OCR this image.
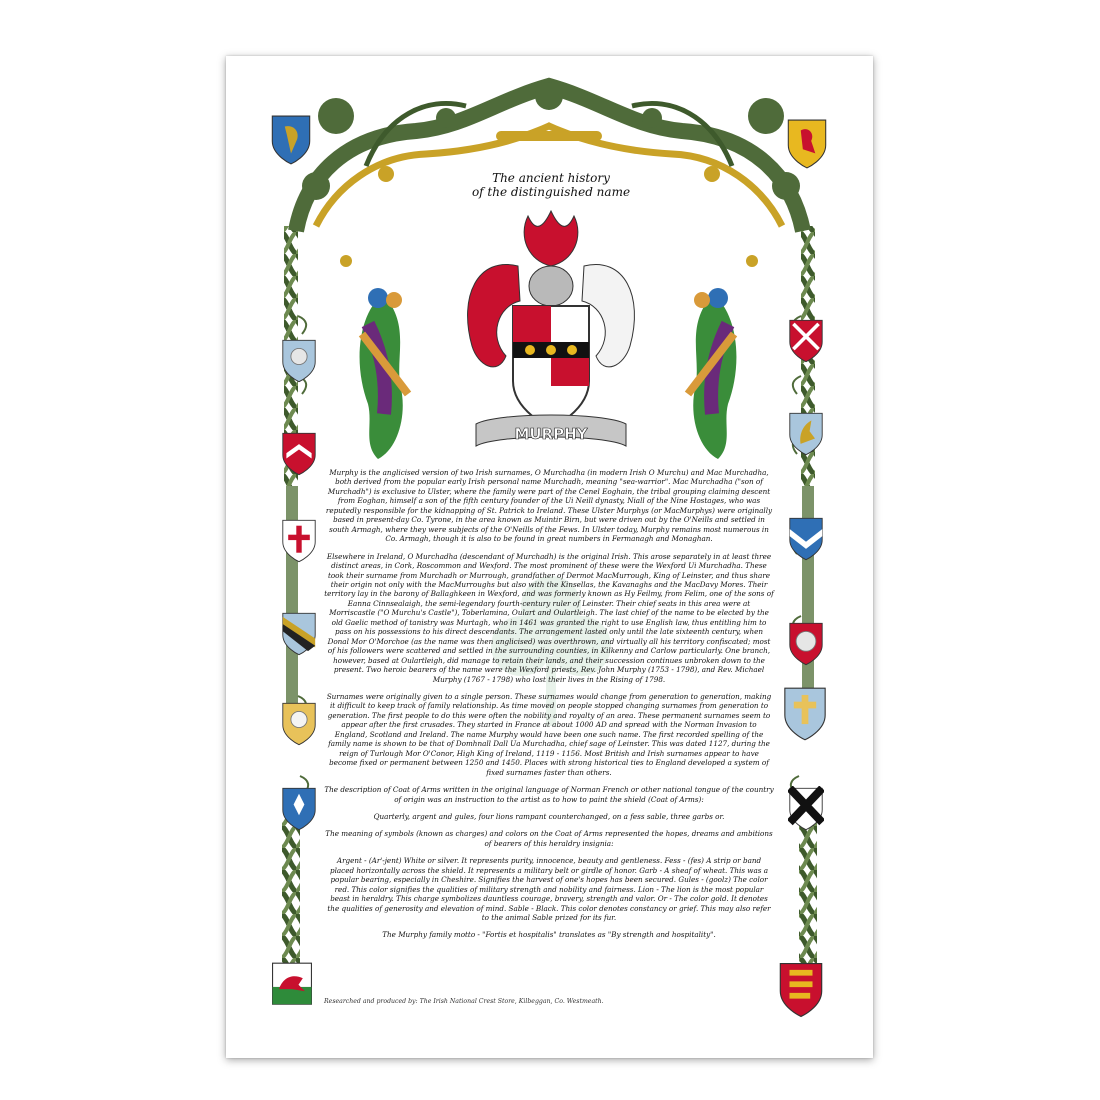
The ancient history
of the distinguished name
MURPHY

Murphy is the anglicised version of two Irish surnames, O Murchadha (in modern Irish O Murchu) and Mac Murchadha, both derived from the popular early Irish personal name Murchadh, meaning "sea-warrior". Mac Murchadha ("son of Murchadh") is exclusive to Ulster, where the family were part of the Cenel Eoghain, the tribal grouping claiming descent from Eoghan, himself a son of the fifth century founder of the Ui Neill dynasty, Niall of the Nine Hostages, who was reputedly responsible for the kidnapping of St. Patrick to Ireland. These Ulster Murphys (or MacMurphys) were originally based in present-day Co. Tyrone, in the area known as Muintir Birn, but were driven out by the O'Neills and settled in south Armagh, where they were subjects of the O'Neills of the Fews. In Ulster today, Murphy remains most numerous in Co. Armagh, though it is also to be found in great numbers in Fermanagh and Monaghan.

Elsewhere in Ireland, O Murchadha (descendant of Murchadh) is the original Irish. This arose separately in at least three distinct areas, in Cork, Roscommon and Wexford. The most prominent of these were the Wexford Ui Murchadha. These took their surname from Murchadh or Murrough, grandfather of Dermot MacMurrough, King of Leinster, and thus share their origin not only with the MacMurroughs but also with the Kinsellas, the Kavanaghs and the MacDavy Mores. Their territory lay in the barony of Ballaghkeen in Wexford, and was formerly known as Hy Feilmy, from Felim, one of the sons of Eanna Cinnsealaigh, the semi-legendary fourth-century ruler of Leinster. Their chief seats in this area were at Morriscastle ("O Murchu's Castle"), Toberlamina, Oulart and Oulartleigh. The last chief of the name to be elected by the old Gaelic method of tanistry was Murtagh, who in 1461 was granted the right to use English law, thus entitling him to pass on his possessions to his direct descendants. The arrangement lasted only until the late sixteenth century, when Donal Mor O'Morchoe (as the name was then anglicised) was overthrown, and virtually all his territory confiscated; most of his followers were scattered and settled in the surrounding counties, in Kilkenny and Carlow particularly. One branch, however, based at Oulartleigh, did manage to retain their lands, and their succession continues unbroken down to the present. Two heroic bearers of the name were the Wexford priests, Rev. John Murphy (1753 - 1798), and Rev. Michael Murphy (1767 - 1798) who lost their lives in the Rising of 1798.

Surnames were originally given to a single person. These surnames would change from generation to generation, making it difficult to keep track of family relationship. As time moved on people stopped changing surnames from generation to generation. The first people to do this were often the nobility and royalty of an area. These permanent surnames seem to appear after the first crusades. They started in France at about 1000 AD and spread with the Norman Invasion to England, Scotland and Ireland. The name Murphy would have been one such name. The first recorded spelling of the family name is shown to be that of Domhnall Dall Ua Murchadha, chief sage of Leinster. This was dated 1127, during the reign of Turlough Mor O'Conor, High King of Ireland, 1119 - 1156. Most British and Irish surnames appear to have become fixed or permanent between 1250 and 1450. Places with strong historical ties to England developed a system of fixed surnames faster than others.

The description of Coat of Arms written in the original language of Norman French or other national tongue of the country of origin was an instruction to the artist as to how to paint the shield (Coat of Arms):

Quarterly, argent and gules, four lions rampant counterchanged, on a fess sable, three garbs or.

The meaning of symbols (known as charges) and colors on the Coat of Arms represented the hopes, dreams and ambitions of bearers of this heraldry insignia:

Argent - (Ar'-jent) White or silver. It represents purity, innocence, beauty and gentleness. Fess - (fes) A strip or band placed horizontally across the shield. It represents a military belt or girdle of honor. Garb - A sheaf of wheat. This was a popular bearing, especially in Cheshire. Signifies the harvest of one's hopes has been secured. Gules - (goolz) The color red. This color signifies the qualities of military strength and nobility and fairness. Lion - The lion is the most popular beast in heraldry. This charge symbolizes dauntless courage, bravery, strength and valor. Or - The color gold. It denotes the qualities of generosity and elevation of mind. Sable - Black. This color denotes constancy or grief. This may also refer to the animal Sable prized for its fur.

The Murphy family motto - "Fortis et hospitalis" translates as "By strength and hospitality".

Researched and produced by: The Irish National Crest Store, Kilbeggan, Co. Westmeath.
